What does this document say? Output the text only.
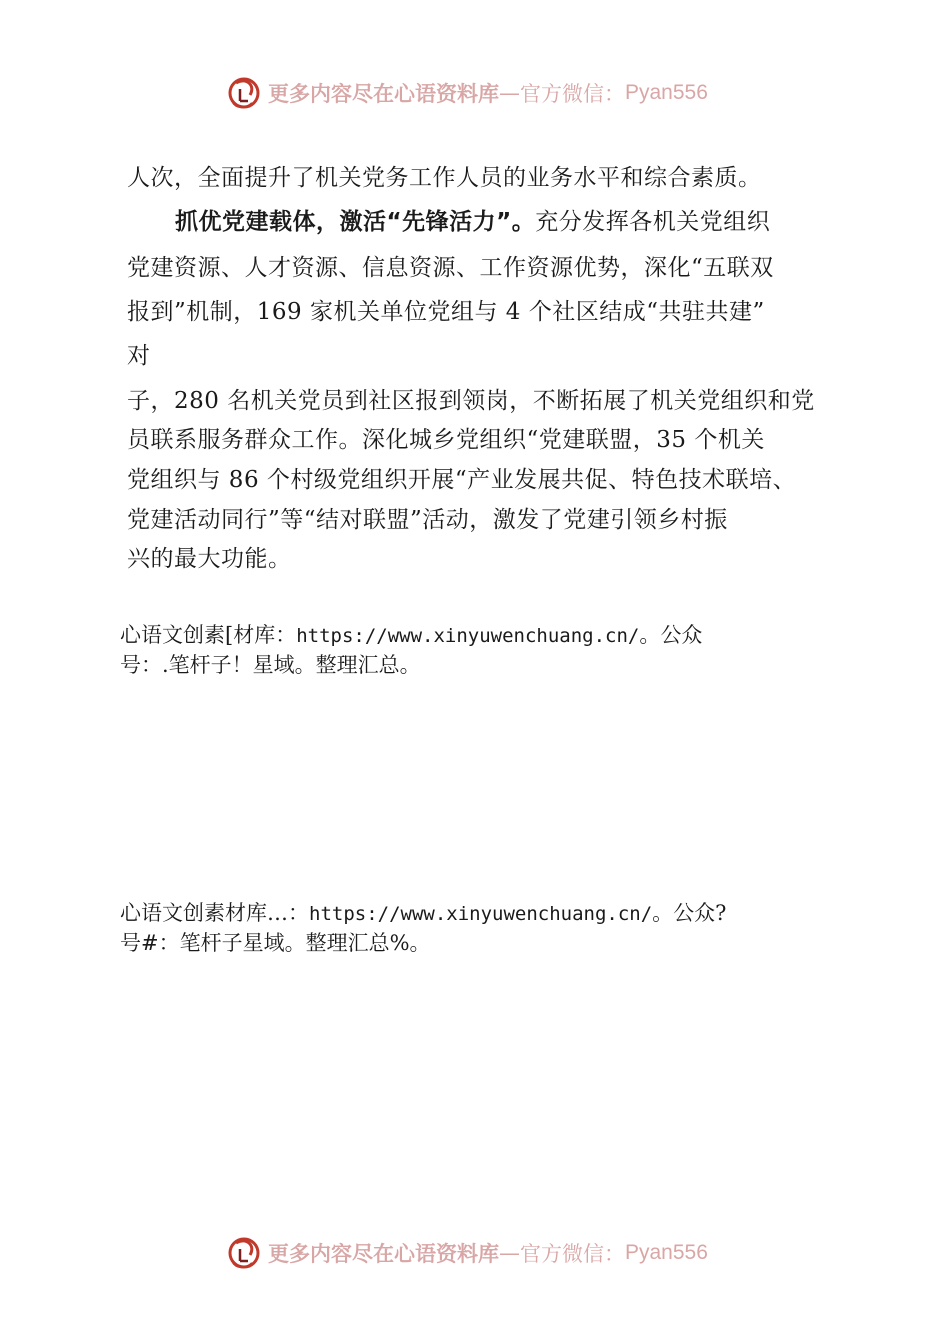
更多内容尽在心语资料库 — 官方微信： Pyan556
人次，全面提升了机关党务工作人员的业务水平和综合素质。
抓优党建载体，激活“先锋活力”。充分发挥各机关党组织
党建资源、人才资源、信息资源、工作资源优势，深化“五联双
报到”机制，169 家机关单位党组与 4 个社区结成“共驻共建”
对
子，280 名机关党员到社区报到领岗，不断拓展了机关党组织和党
员联系服务群众工作。深化城乡党组织“党建联盟，35 个机关
党组织与 86 个村级党组织开展“产业发展共促、特色技术联培、
党建活动同行”等“结对联盟”活动，激发了党建引领乡村振
兴的最大功能。
心语文创素[材库：https://www.xinyuwenchuang.cn/。公众
号：.笔杆子！星域。整理汇总。
心语文创素材库…：https://www.xinyuwenchuang.cn/。公众?
号#：笔杆子星域。整理汇总%。
更多内容尽在心语资料库 — 官方微信： Pyan556
